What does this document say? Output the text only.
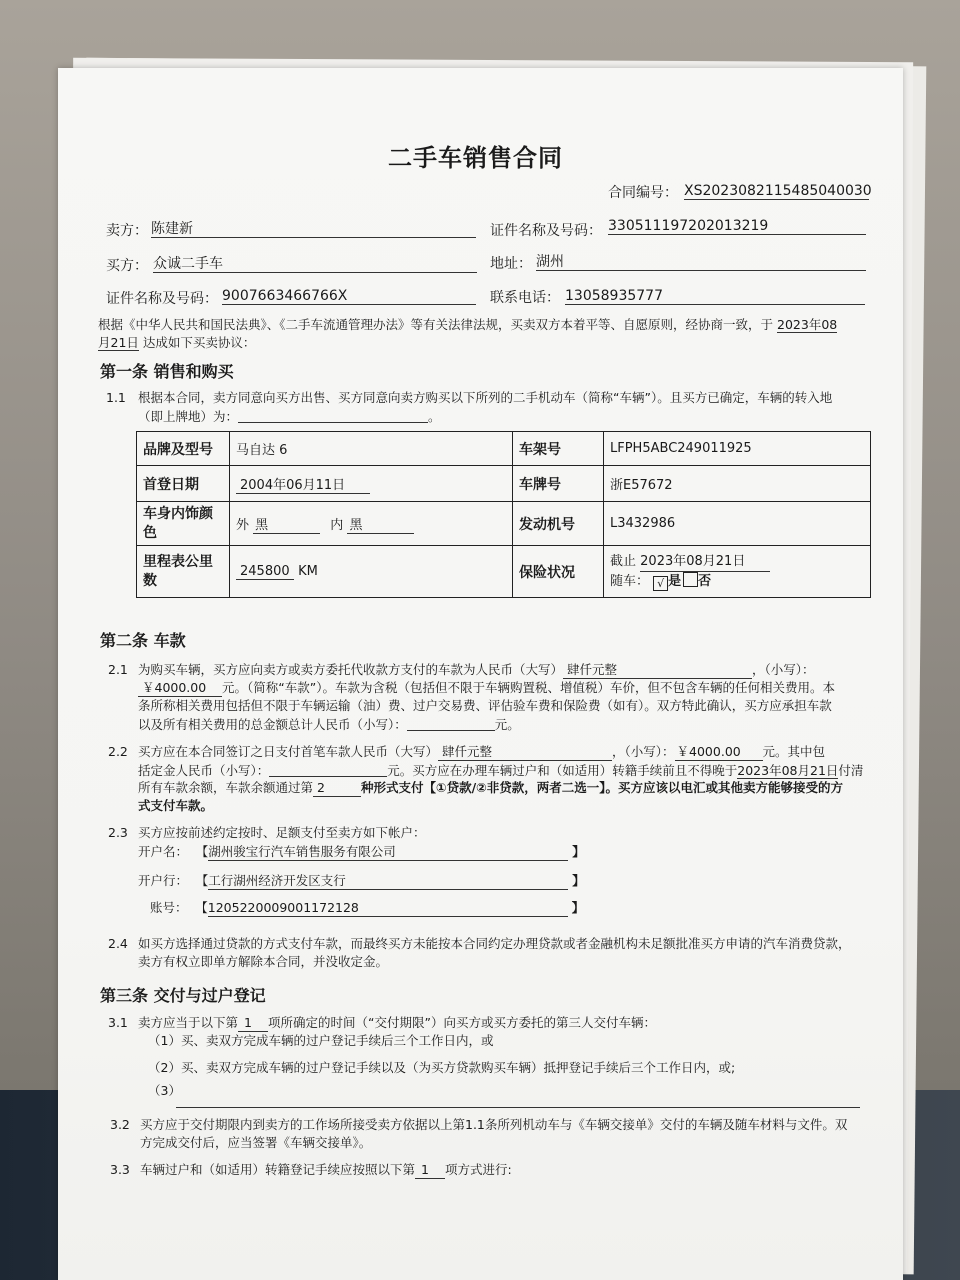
二手车销售合同
合同编号： XS20230821154850400​30
卖方： 陈建新	证件名称及号码： 330511197202013219
买方： 众诚二手车	地址： 湖州
证件名称及号码： 9007663466766X	联系电话： 13058935777
根据《中华人民共和国民法典》、《二手车流通管理办法》等有关法律法规，买卖双方本着平等、自愿原则，经协商一致，于 2023年08
月21日 达成如下买卖协议：
第一条 销售和购买
1.1 根据本合同，卖方同意向买方出售、买方同意向卖方购买以下所列的二手机动车（简称“车辆”）。且买方已确定，车辆的转入地
（即上牌地）为：	。
品牌及型号	马自达 6	车架号	LFPH5ABC249011925
首登日期	2004年06月11日	车牌号	浙E57672
车身内饰颜色	外 黑 内 黑	发动机号	L3432986
里程表公里数	245800 KM	保险状况	截止 2023年08月21日
随车： √ 是 否
第二条 车款
2.1 为购买车辆，买方应向卖方或卖方委托代收款方支付的车款为人民币（大写） 肆仟元整	，（小写）：
￥4000.00 元。（简称“车款”）。车款为含税（包括但不限于车辆购置税、增值税）车价，但不包含车辆的任何相关费用。本
条所称相关费用包括但不限于车辆运输（油）费、过户交易费、评估验车费和保险费（如有）。双方特此确认，买方应承担车款
以及所有相关费用的总金额总计人民币（小写）：	元。
2.2 买方应在本合同签订之日支付首笔车款人民币（大写） 肆仟元整	，（小写）： ￥4000.00 元。其中包
括定金人民币（小写）：	元。买方应在办理车辆过户和（如适用）转籍手续前且不得晚于2023年08月21日付清
所有车款余额，车款余额通过第 2	种形式支付【①贷款/②非贷款，两者二选一】。买方应该以电汇或其他卖方能够接受的方
式支付车款。
2.3 买方应按前述约定按时、足额支付至卖方如下帐户：
开户名： 【湖州骏宝行汽车销售服务有限公司	】
开户行： 【工行湖州经济开发区支行	】
账号： 【1205220009001172128	】
2.4 如买方选择通过贷款的方式支付车款，而最终买方未能按本合同约定办理贷款或者金融机构未足额批准买方申请的汽车消费贷款，
卖方有权立即单方解除本合同，并没收定金。
第三条 交付与过户登记
3.1 卖方应当于以下第 1 项所确定的时间（“交付期限”）向买方或买方委托的第三人交付车辆：
（1）买、卖双方完成车辆的过户登记手续后三个工作日内，或
（2）买、卖双方完成车辆的过户登记手续以及（为买方贷款购买车辆）抵押登记手续后三个工作日内，或;
（3）
3.2 买方应于交付期限内到卖方的工作场所接受卖方依据以上第1.1条所列机动车与《车辆交接单》交付的车辆及随车材料与文件。双
方完成交付后，应当签署《车辆交接单》。
3.3 车辆过户和（如适用）转籍登记手续应按照以下第 1 项方式进行:
